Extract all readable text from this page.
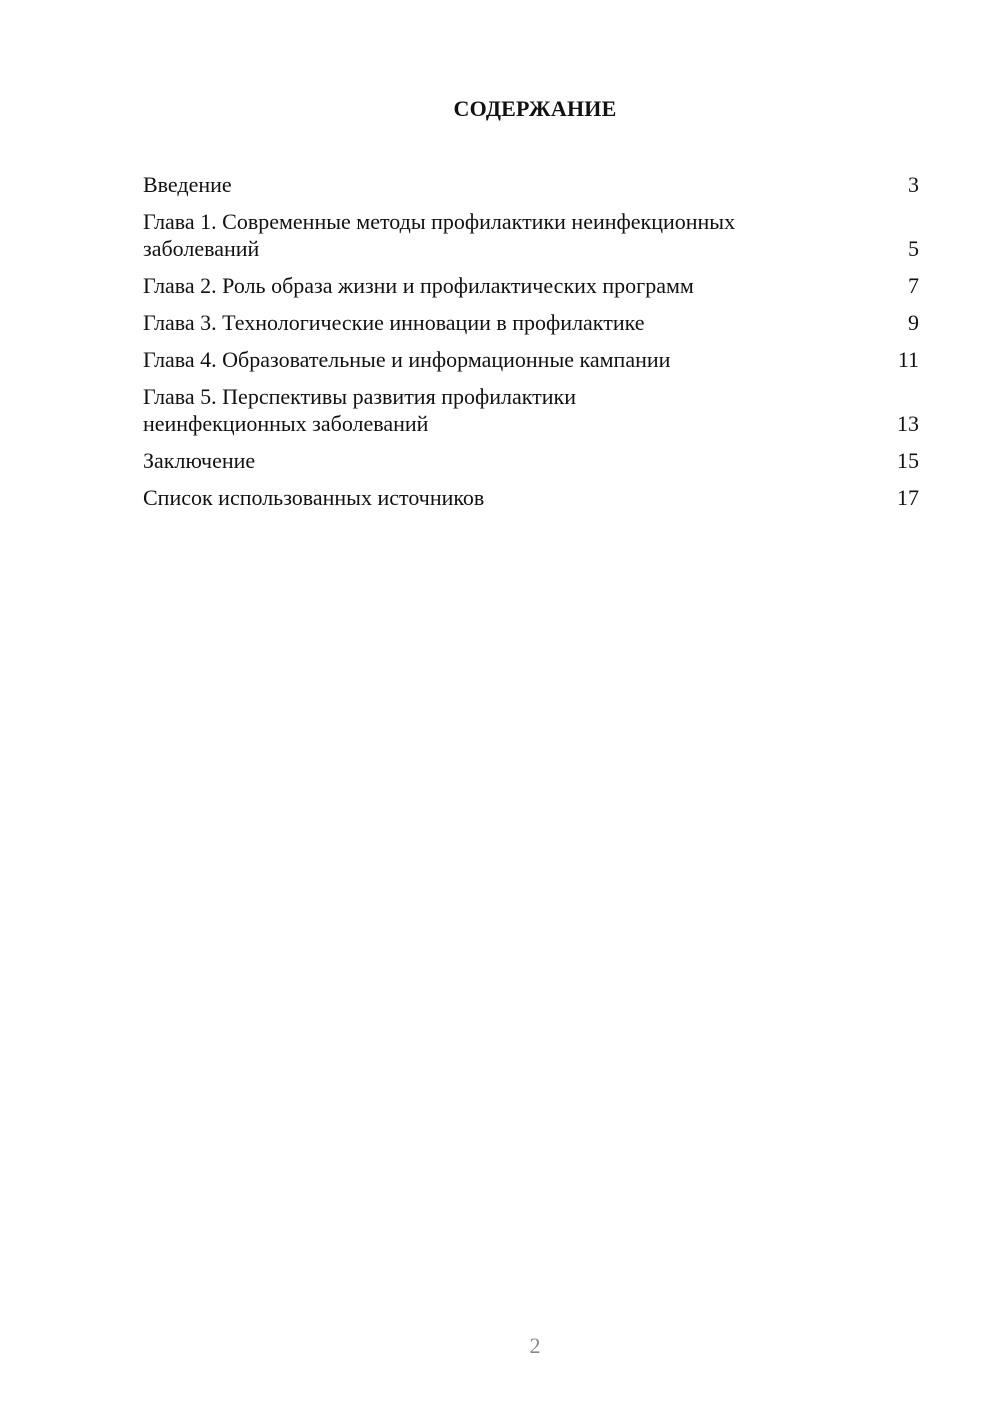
СОДЕРЖАНИЕ
Введение	3
Глава 1. Современные методы профилактики неинфекционных
заболеваний	5
Глава 2. Роль образа жизни и профилактических программ	7
Глава 3. Технологические инновации в профилактике	9
Глава 4. Образовательные и информационные кампании	11
Глава 5. Перспективы развития профилактики
неинфекционных заболеваний	13
Заключение	15
Список использованных источников	17
2
